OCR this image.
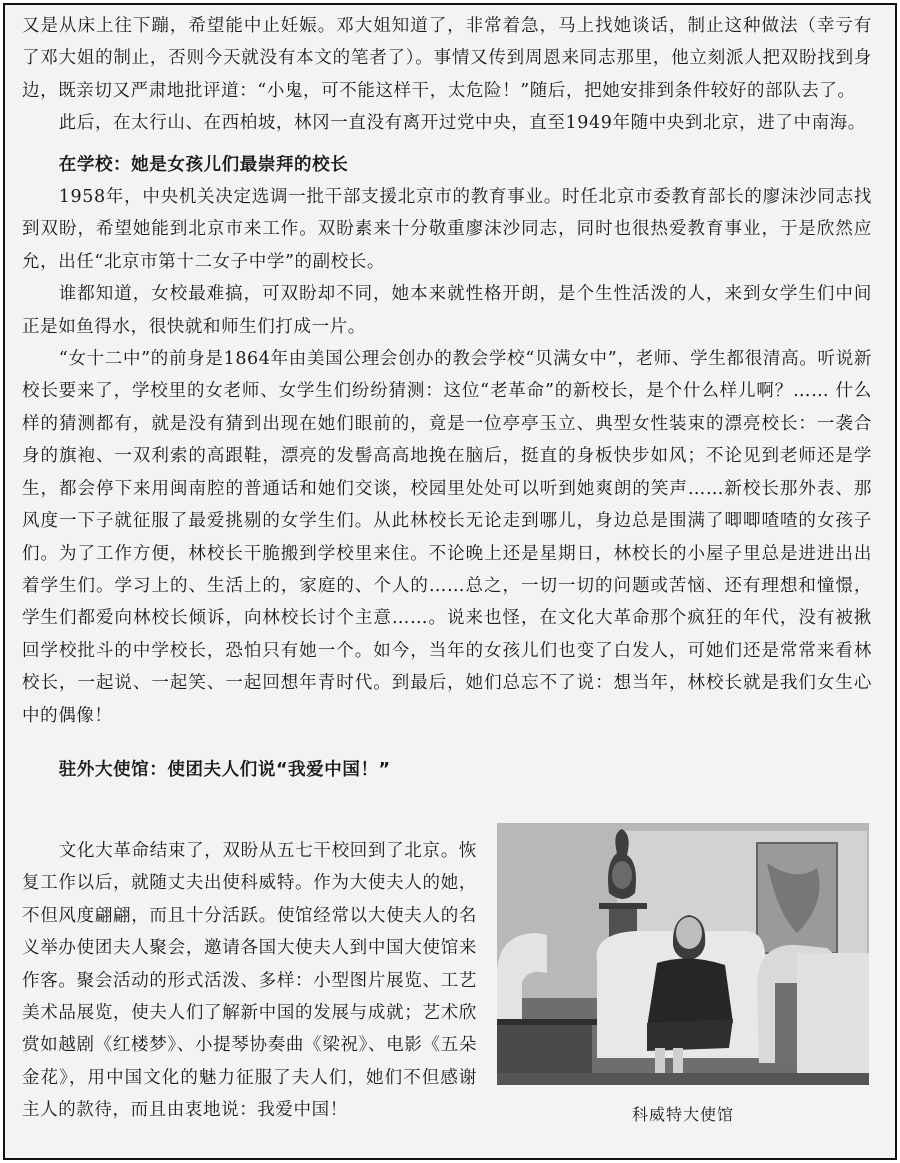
又是从床上往下蹦，希望能中止妊娠。邓大姐知道了，非常着急，马上找她谈话，制止这种做法（幸亏有了邓大姐的制止，否则今天就没有本文的笔者了）。事情又传到周恩来同志那里，他立刻派人把双盼找到身边，既亲切又严肃地批评道：“小鬼，可不能这样干，太危险！”随后，把她安排到条件较好的部队去了。

此后，在太行山、在西柏坡，林冈一直没有离开过党中央，直至1949年随中央到北京，进了中南海。

在学校：她是女孩儿们最崇拜的校长

1958年，中央机关决定选调一批干部支援北京市的教育事业。时任北京市委教育部长的廖沫沙同志找到双盼，希望她能到北京市来工作。双盼素来十分敬重廖沫沙同志，同时也很热爱教育事业，于是欣然应允，出任“北京市第十二女子中学”的副校长。

谁都知道，女校最难搞，可双盼却不同，她本来就性格开朗，是个生性活泼的人，来到女学生们中间正是如鱼得水，很快就和师生们打成一片。

“女十二中”的前身是1864年由美国公理会创办的教会学校“贝满女中”，老师、学生都很清高。听说新校长要来了，学校里的女老师、女学生们纷纷猜测：这位“老革命”的新校长，是个什么样儿啊？…… 什么样的猜测都有，就是没有猜到出现在她们眼前的，竟是一位亭亭玉立、典型女性装束的漂亮校长：一袭合身的旗袍、一双利索的高跟鞋，漂亮的发髻高高地挽在脑后，挺直的身板快步如风；不论见到老师还是学生，都会停下来用闽南腔的普通话和她们交谈，校园里处处可以听到她爽朗的笑声……新校长那外表、那风度一下子就征服了最爱挑剔的女学生们。从此林校长无论走到哪儿，身边总是围满了唧唧喳喳的女孩子们。为了工作方便，林校长干脆搬到学校里来住。不论晚上还是星期日，林校长的小屋子里总是进进出出着学生们。学习上的、生活上的，家庭的、个人的……总之，一切一切的问题或苦恼、还有理想和憧憬，学生们都爱向林校长倾诉，向林校长讨个主意……。说来也怪，在文化大革命那个疯狂的年代，没有被揪回学校批斗的中学校长，恐怕只有她一个。如今，当年的女孩儿们也变了白发人，可她们还是常常来看林校长，一起说、一起笑、一起回想年青时代。到最后，她们总忘不了说：想当年，林校长就是我们女生心中的偶像！

驻外大使馆：使团夫人们说“我爱中国！”

文化大革命结束了，双盼从五七干校回到了北京。恢复工作以后，就随丈夫出使科威特。作为大使夫人的她，不但风度翩翩，而且十分活跃。使馆经常以大使夫人的名义举办使团夫人聚会，邀请各国大使夫人到中国大使馆来作客。聚会活动的形式活泼、多样：小型图片展览、工艺美术品展览，使夫人们了解新中国的发展与成就；艺术欣赏如越剧《红楼梦》、小提琴协奏曲《梁祝》、电影《五朵金花》，用中国文化的魅力征服了夫人们，她们不但感谢主人的款待，而且由衷地说：我爱中国！	科威特大使馆
